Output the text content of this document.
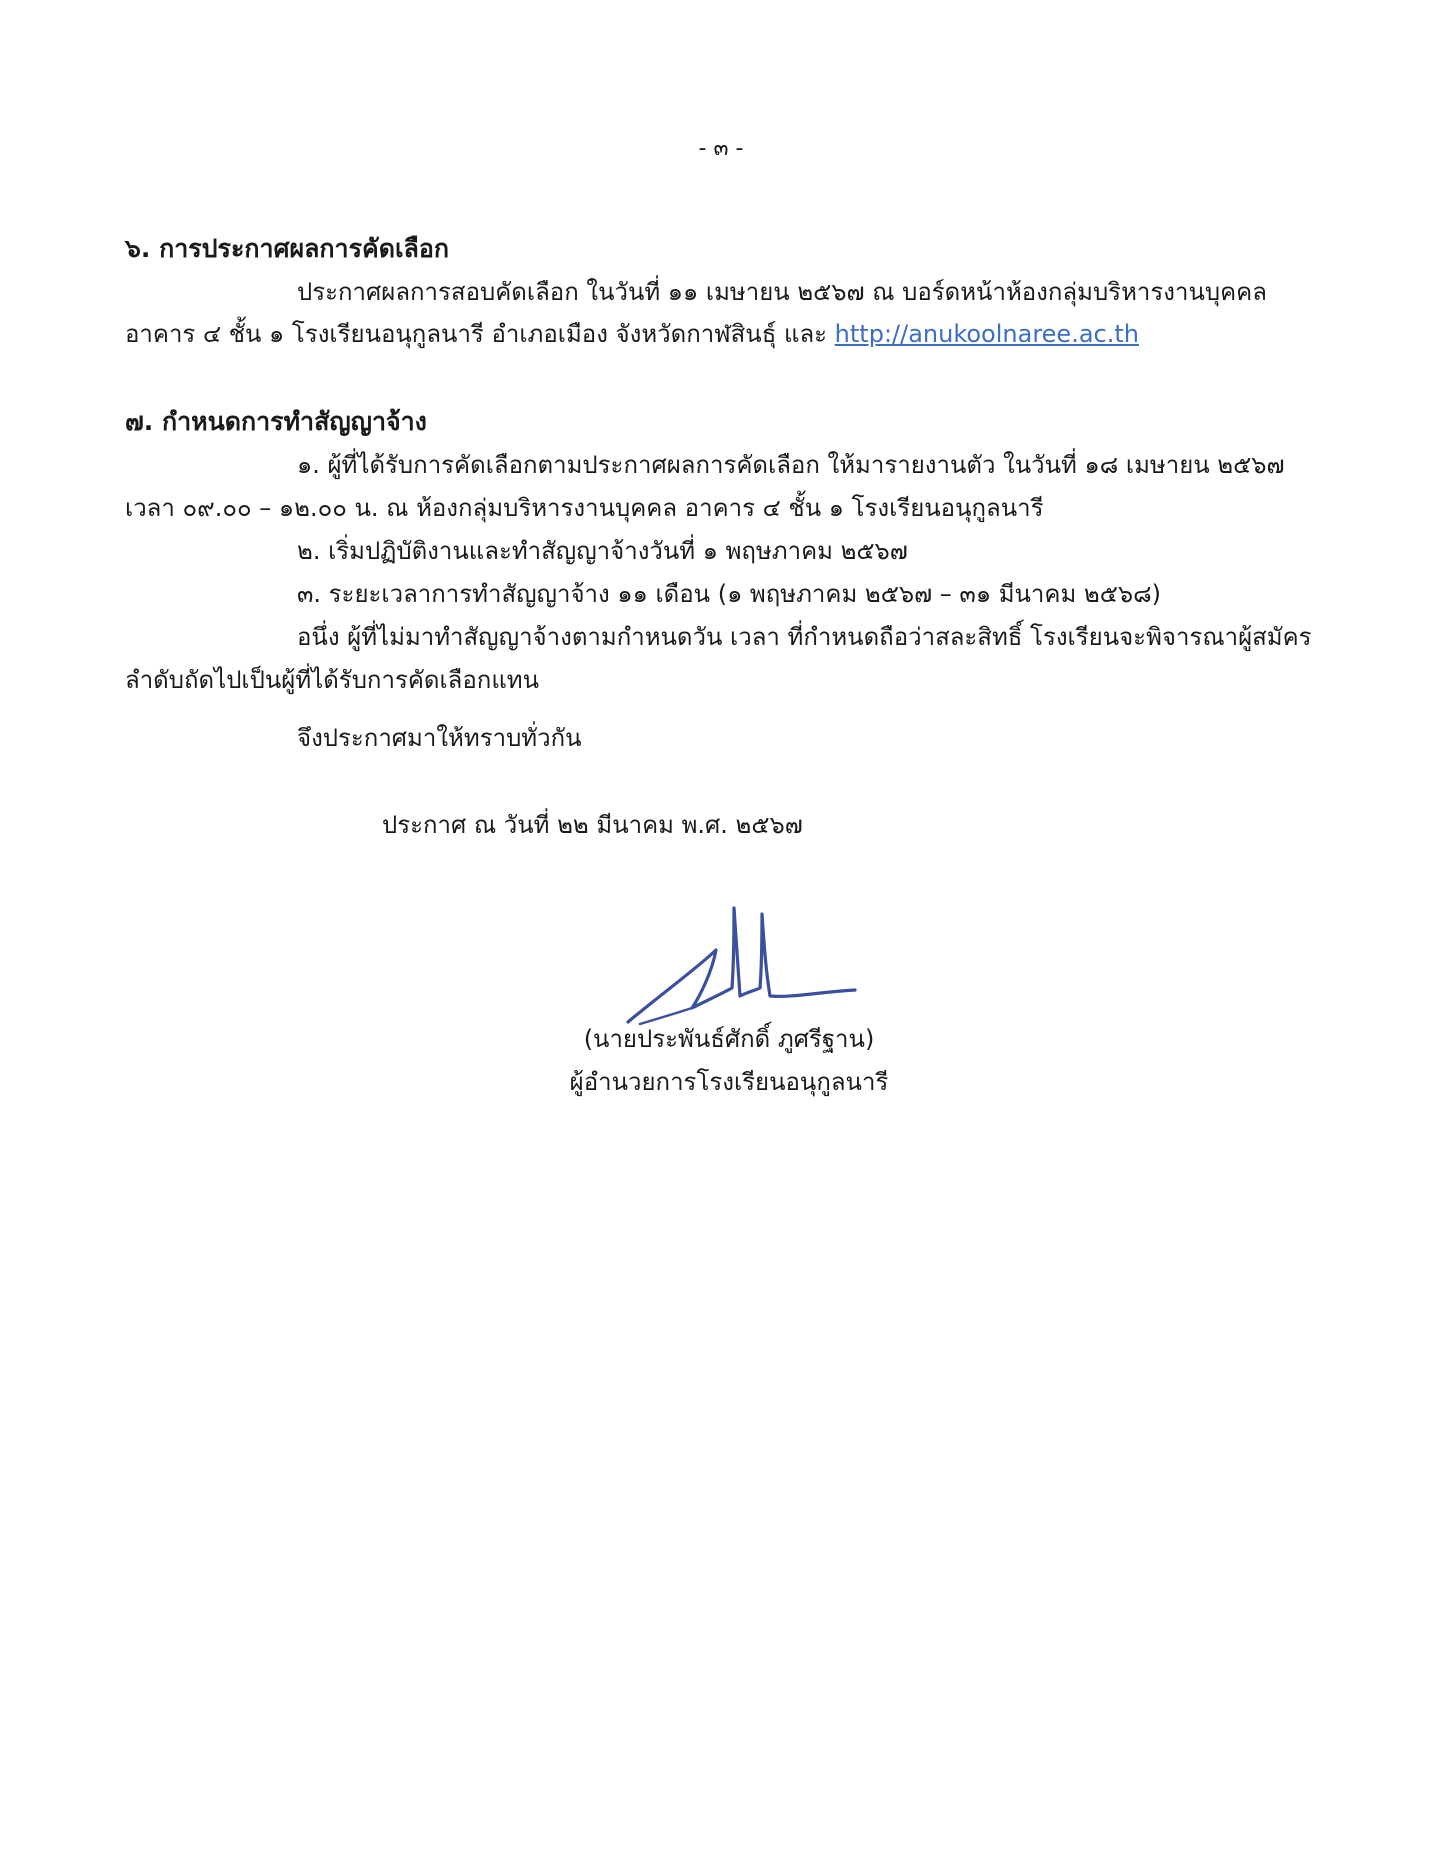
- ๓ -
๖. การประกาศผลการคัดเลือก
ประกาศผลการสอบคัดเลือก ในวันที่ ๑๑ เมษายน ๒๕๖๗ ณ บอร์ดหน้าห้องกลุ่มบริหารงานบุคคล
อาคาร ๔ ชั้น ๑ โรงเรียนอนุกูลนารี อำเภอเมือง จังหวัดกาฬสินธุ์ และ http://anukoolnaree.ac.th
๗. กำหนดการทำสัญญาจ้าง
๑. ผู้ที่ได้รับการคัดเลือกตามประกาศผลการคัดเลือก ให้มารายงานตัว ในวันที่ ๑๘ เมษายน ๒๕๖๗
เวลา ๐๙.๐๐ – ๑๒.๐๐ น. ณ ห้องกลุ่มบริหารงานบุคคล อาคาร ๔ ชั้น ๑ โรงเรียนอนุกูลนารี
๒. เริ่มปฏิบัติงานและทำสัญญาจ้างวันที่ ๑ พฤษภาคม ๒๕๖๗
๓. ระยะเวลาการทำสัญญาจ้าง ๑๑ เดือน (๑ พฤษภาคม ๒๕๖๗ – ๓๑ มีนาคม ๒๕๖๘)
อนึ่ง ผู้ที่ไม่มาทำสัญญาจ้างตามกำหนดวัน เวลา ที่กำหนดถือว่าสละสิทธิ์ โรงเรียนจะพิจารณาผู้สมัคร
ลำดับถัดไปเป็นผู้ที่ได้รับการคัดเลือกแทน
จึงประกาศมาให้ทราบทั่วกัน
ประกาศ ณ วันที่ ๒๒ มีนาคม พ.ศ. ๒๕๖๗
(นายประพันธ์ศักดิ์ ภูศรีฐาน)
ผู้อำนวยการโรงเรียนอนุกูลนารี
